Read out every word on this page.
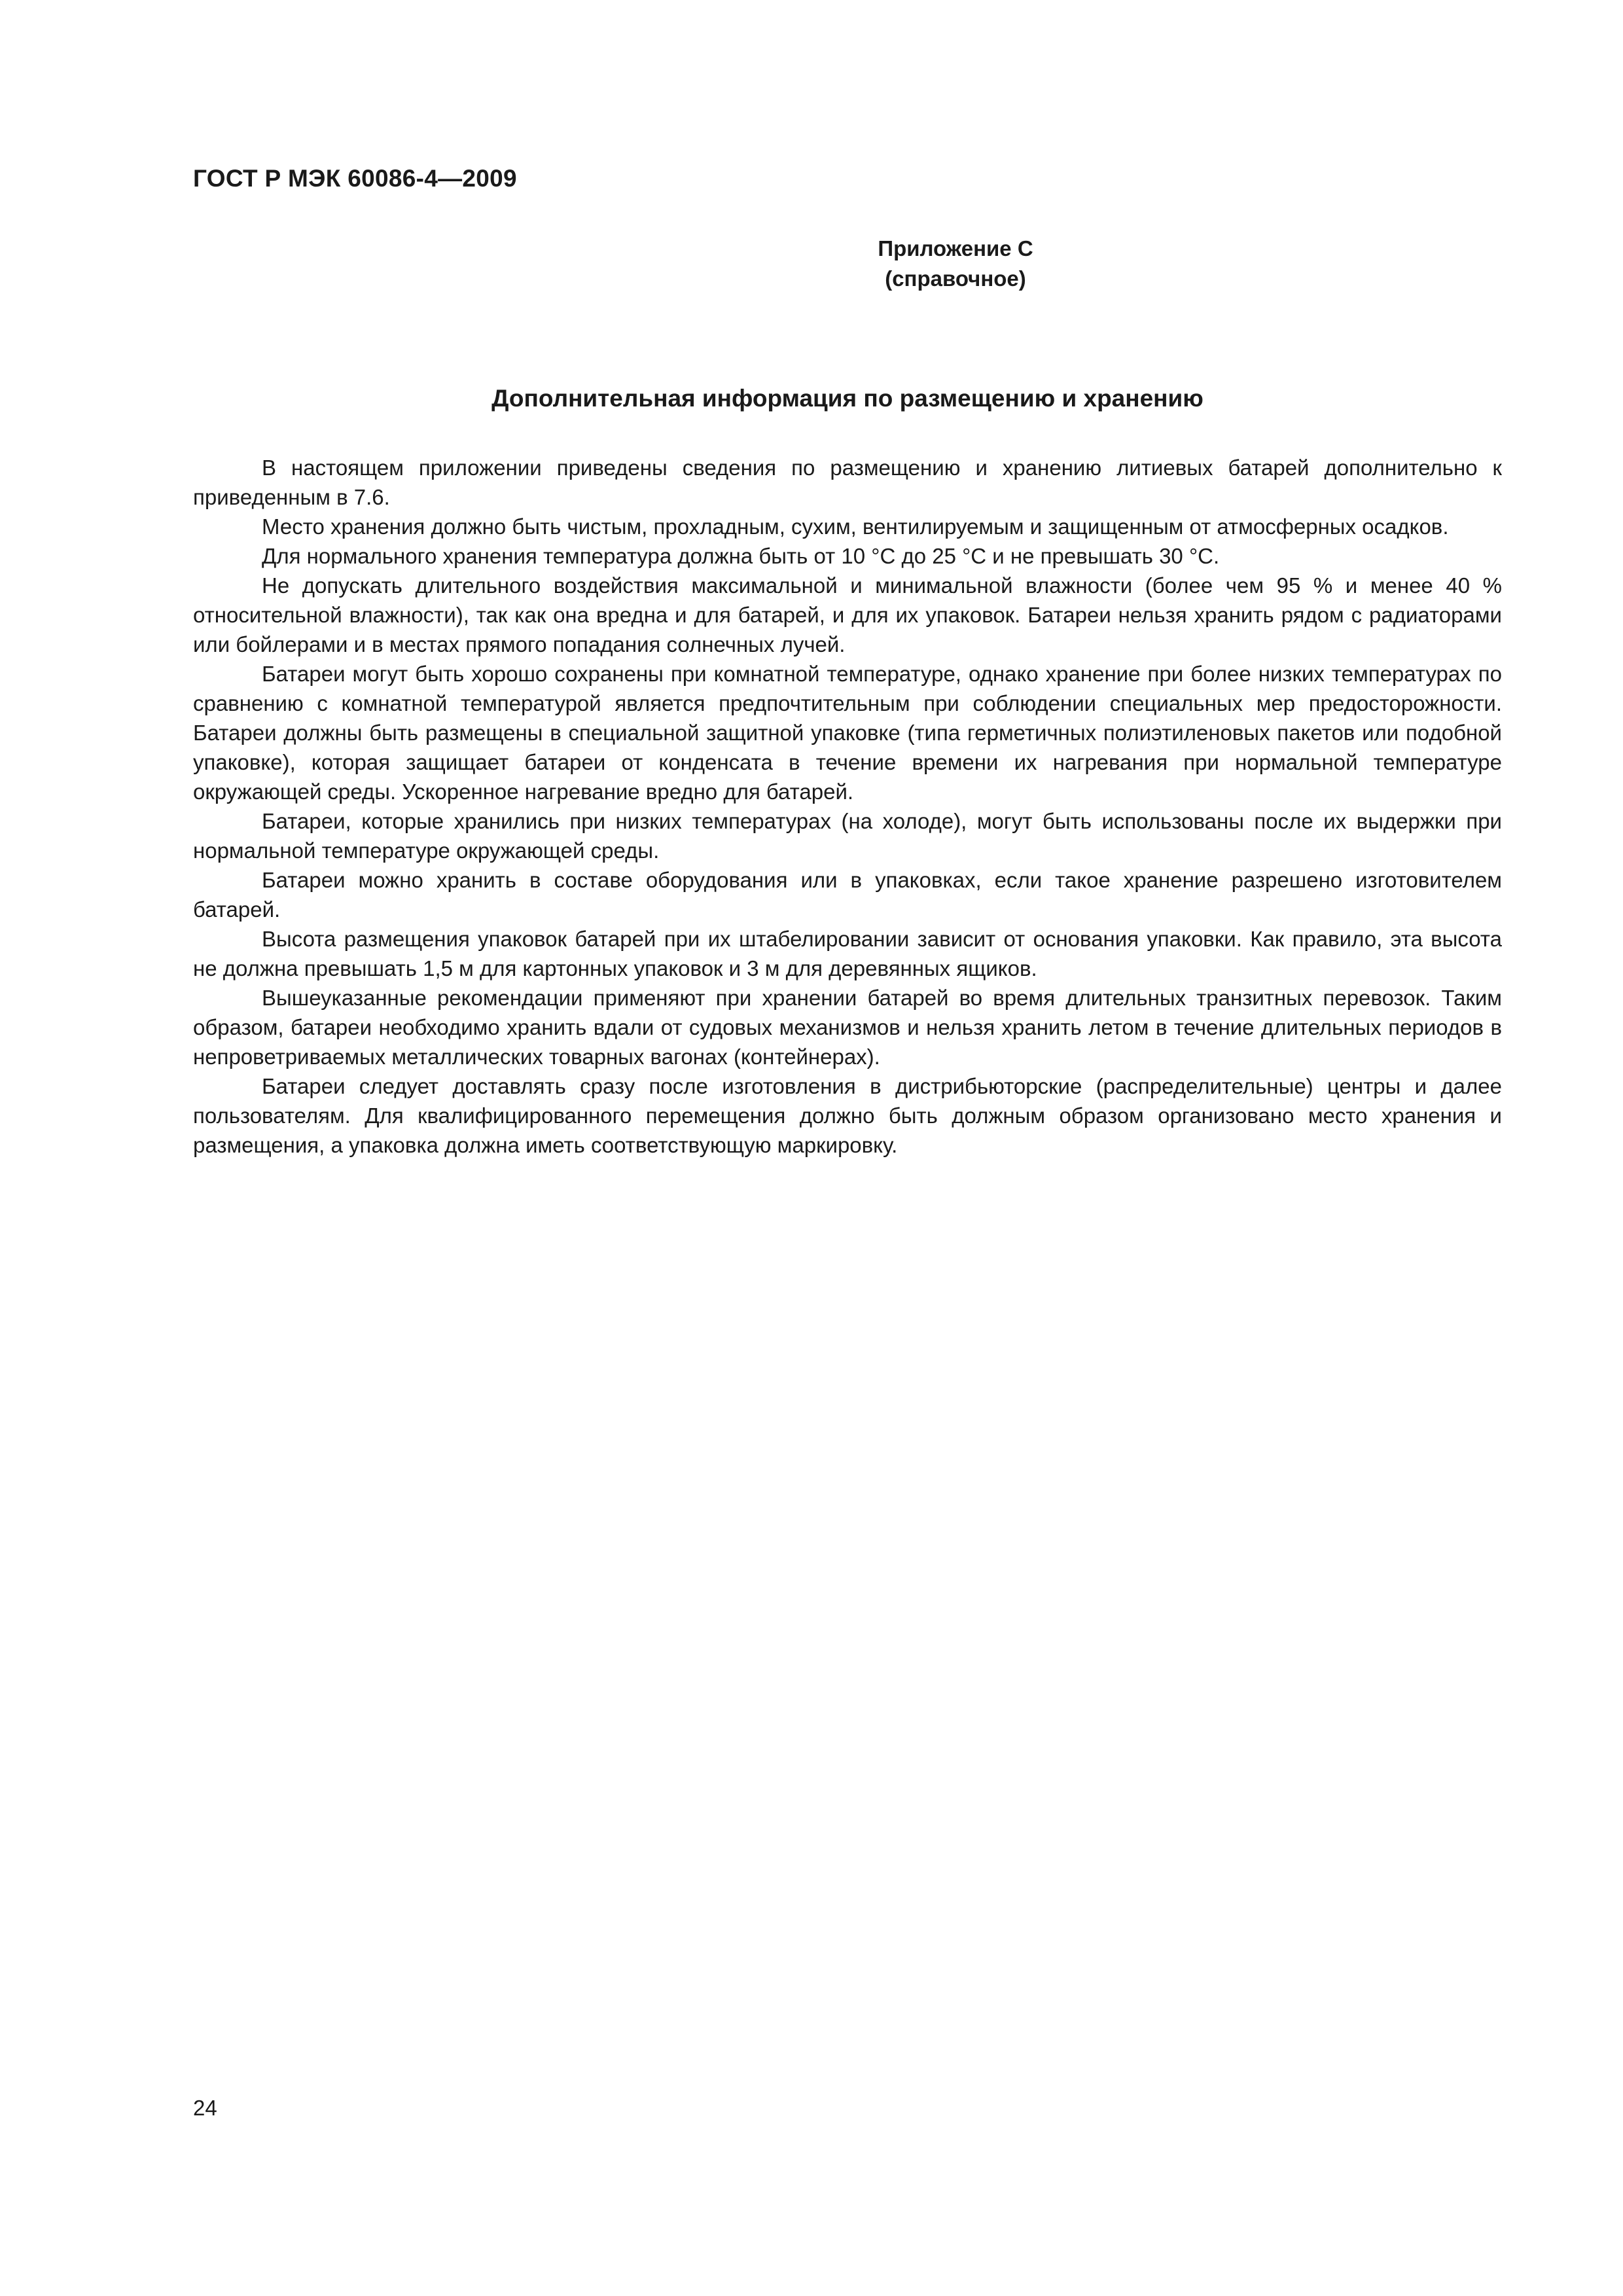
ГОСТ Р МЭК 60086-4—2009
Приложение С
(справочное)
Дополнительная информация по размещению и хранению

В настоящем приложении приведены сведения по размещению и хранению литиевых батарей дополнительно к приведенным в 7.6.

Место хранения должно быть чистым, прохладным, сухим, вентилируемым и защищенным от атмосферных осадков.

Для нормального хранения температура должна быть от 10 °С до 25 °С и не превышать 30 °С.

Не допускать длительного воздействия максимальной и минимальной влажности (более чем 95 % и менее 40 % относительной влажности), так как она вредна и для батарей, и для их упаковок. Батареи нельзя хранить рядом с радиаторами или бойлерами и в местах прямого попадания солнечных лучей.

Батареи могут быть хорошо сохранены при комнатной температуре, однако хранение при более низких температурах по сравнению с комнатной температурой является предпочтительным при соблюдении специальных мер предосторожности. Батареи должны быть размещены в специальной защитной упаковке (типа герметичных полиэтиленовых пакетов или подобной упаковке), которая защищает батареи от конденсата в течение времени их нагревания при нормальной температуре окружающей среды. Ускоренное нагревание вредно для батарей.

Батареи, которые хранились при низких температурах (на холоде), могут быть использованы после их выдержки при нормальной температуре окружающей среды.

Батареи можно хранить в составе оборудования или в упаковках, если такое хранение разрешено изготовителем батарей.

Высота размещения упаковок батарей при их штабелировании зависит от основания упаковки. Как правило, эта высота не должна превышать 1,5 м для картонных упаковок и 3 м для деревянных ящиков.

Вышеуказанные рекомендации применяют при хранении батарей во время длительных транзитных перевозок. Таким образом, батареи необходимо хранить вдали от судовых механизмов и нельзя хранить летом в течение длительных периодов в непроветриваемых металлических товарных вагонах (контейнерах).

Батареи следует доставлять сразу после изготовления в дистрибьюторские (распределительные) центры и далее пользователям. Для квалифицированного перемещения должно быть должным образом организовано место хранения и размещения, а упаковка должна иметь соответствующую маркировку.

24
